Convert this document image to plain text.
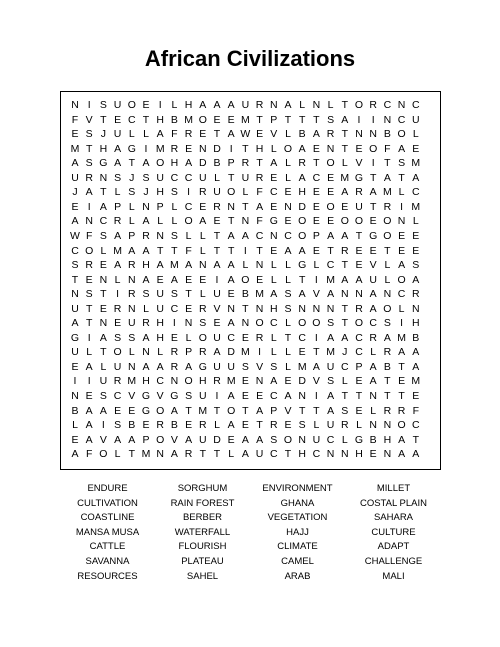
African Civilizations
N I S U O E I L H A A A U R N A L N L T O R C N C
F V T E C T H B M O E E M T P T T T S A I	I N C U
E S J U L L A F R E T A W E V L B A R T N N B O L
M T H A G I M R E N D I T H L O A E N T E O F A E
A S G A T A O H A D B P R T A L R T O L V I T S M
U R N S J S U C C U L T U R E L A C E M G T A T A
J A T L S J H S I R U O L F C E H E E A R A M L C
E I A P L N P L C E R N T A E N D E O E U T R I M
A N C R L A L L O A E T N F G E O E E O O E O N L
W F S A P R N S L L T A A C N C O P A A T G O E E
C O L M A A T T F L T T I T E A A E T R E E T E E
S R E A R H A M A N A A L N L L G L C T E V L A S
T E N L N A E A E E I A O E L L T I M A A U L O A
N S T I R S U S T L U E B M A S A V A N N A N C R
U T E R N L U C E R V N T N H S N N N T R A O L N
A T N E U R H I N S E A N O C L O O S T O C S I H
G I A S S A H E L O U C E R L T C I A A C R A M B
U L T O L N L R P R A D M I L L E T M J C L R A A
E A L U N A A R A G U U S V S L M A U C P A B T A
I	I U R M H C N O H R M E N A E D V S L E A T E M
N E S C V G V G S U I A E E C A N I A T T N T T E
B A A E E G O A T M T O T A P V T T A S E L R R F
L A I S B E R B E R L A E T R E S L U R L N N O C
E A V A A P O V A U D E A A S O N U C L G B H A T
A F O L T M N A R T T L A U C T H C N N H E N A A
ENDURE	SORGHUM	ENVIRONMENT	MILLET
CULTIVATION	RAIN FOREST	GHANA	COSTAL PLAIN
COASTLINE	BERBER	VEGETATION	SAHARA
MANSA MUSA	WATERFALL	HAJJ	CULTURE
CATTLE	FLOURISH	CLIMATE	ADAPT
SAVANNA	PLATEAU	CAMEL	CHALLENGE
RESOURCES	SAHEL	ARAB	MALI
